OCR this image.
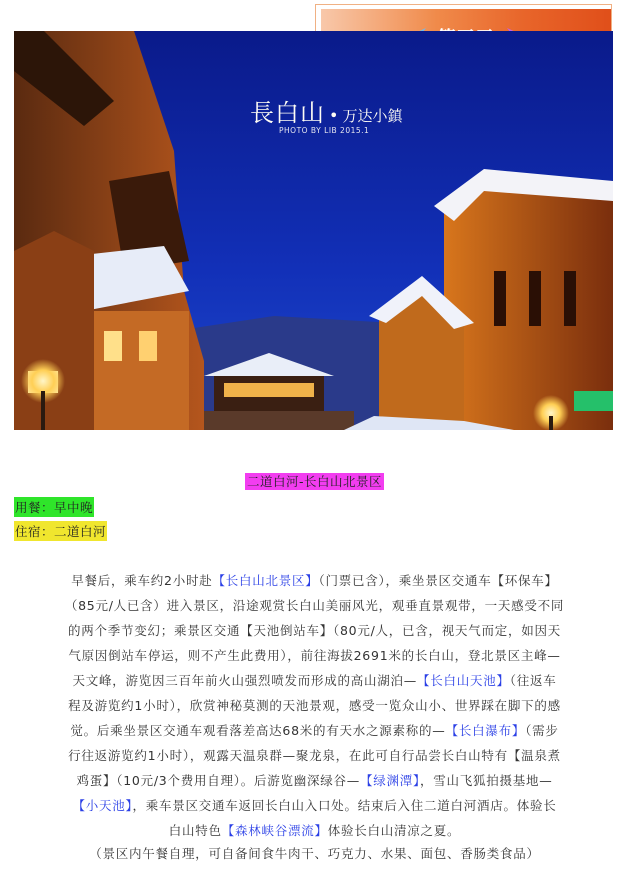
長白山 • 万达小鎮
PHOTO BY LIB 2015.1
二道白河-长白山北景区
用餐：早中晚
住宿：二道白河
早餐后，乘车约2小时赴【长白山北景区】（门票已含），乘坐景区交通车【环保车】
（85元/人已含）进入景区，沿途观赏长白山美丽风光，观垂直景观带，一天感受不同
的两个季节变幻；乘景区交通【天池倒站车】（80元/人，已含，视天气而定，如因天
气原因倒站车停运，则不产生此费用），前往海拔2691米的长白山，登北景区主峰—
天文峰，游览因三百年前火山强烈喷发而形成的高山湖泊—【长白山天池】（往返车
程及游览约1小时），欣赏神秘莫测的天池景观，感受一览众山小、世界踩在脚下的感
觉。后乘坐景区交通车观看落差高达68米的有天水之源素称的—【长白瀑布】（需步
行往返游览约1小时），观露天温泉群—聚龙泉，在此可自行品尝长白山特有【温泉煮
鸡蛋】（10元/3个费用自理）。后游览幽深绿谷—【绿渊潭】，雪山飞狐拍摄基地—
【小天池】，乘车景区交通车返回长白山入口处。结束后入住二道白河酒店。体验长
白山特色【森林峡谷漂流】体验长白山清凉之夏。
（景区内午餐自理，可自备间食牛肉干、巧克力、水果、面包、香肠类食品）
